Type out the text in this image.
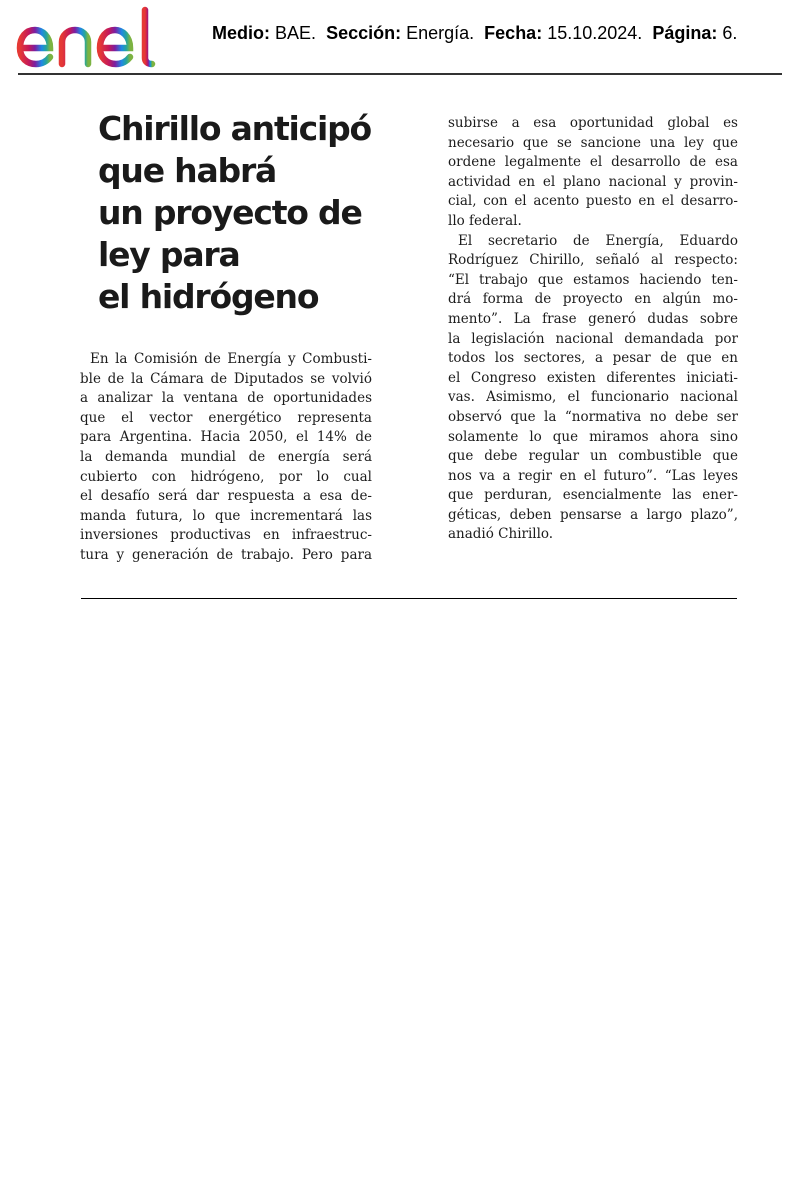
Medio: BAE. Sección: Energía. Fecha: 15.10.2024. Página: 6.
Chirillo anticipó
que habrá
un proyecto de
ley para
el hidrógeno
En la Comisión de Energía y Combusti-
ble de la Cámara de Diputados se volvió
a analizar la ventana de oportunidades
que el vector energético representa
para Argentina. Hacia 2050, el 14% de
la demanda mundial de energía será
cubierto con hidrógeno, por lo cual
el desafío será dar respuesta a esa de-
manda futura, lo que incrementará las
inversiones productivas en infraestruc-
tura y generación de trabajo. Pero para
subirse a esa oportunidad global es
necesario que se sancione una ley que
ordene legalmente el desarrollo de esa
actividad en el plano nacional y provin-
cial, con el acento puesto en el desarro-
llo federal.
El secretario de Energía, Eduardo
Rodríguez Chirillo, señaló al respecto:
“El trabajo que estamos haciendo ten-
drá forma de proyecto en algún mo-
mento”. La frase generó dudas sobre
la legislación nacional demandada por
todos los sectores, a pesar de que en
el Congreso existen diferentes iniciati-
vas. Asimismo, el funcionario nacional
observó que la “normativa no debe ser
solamente lo que miramos ahora sino
que debe regular un combustible que
nos va a regir en el futuro”. “Las leyes
que perduran, esencialmente las ener-
géticas, deben pensarse a largo plazo”,
anadió Chirillo.
